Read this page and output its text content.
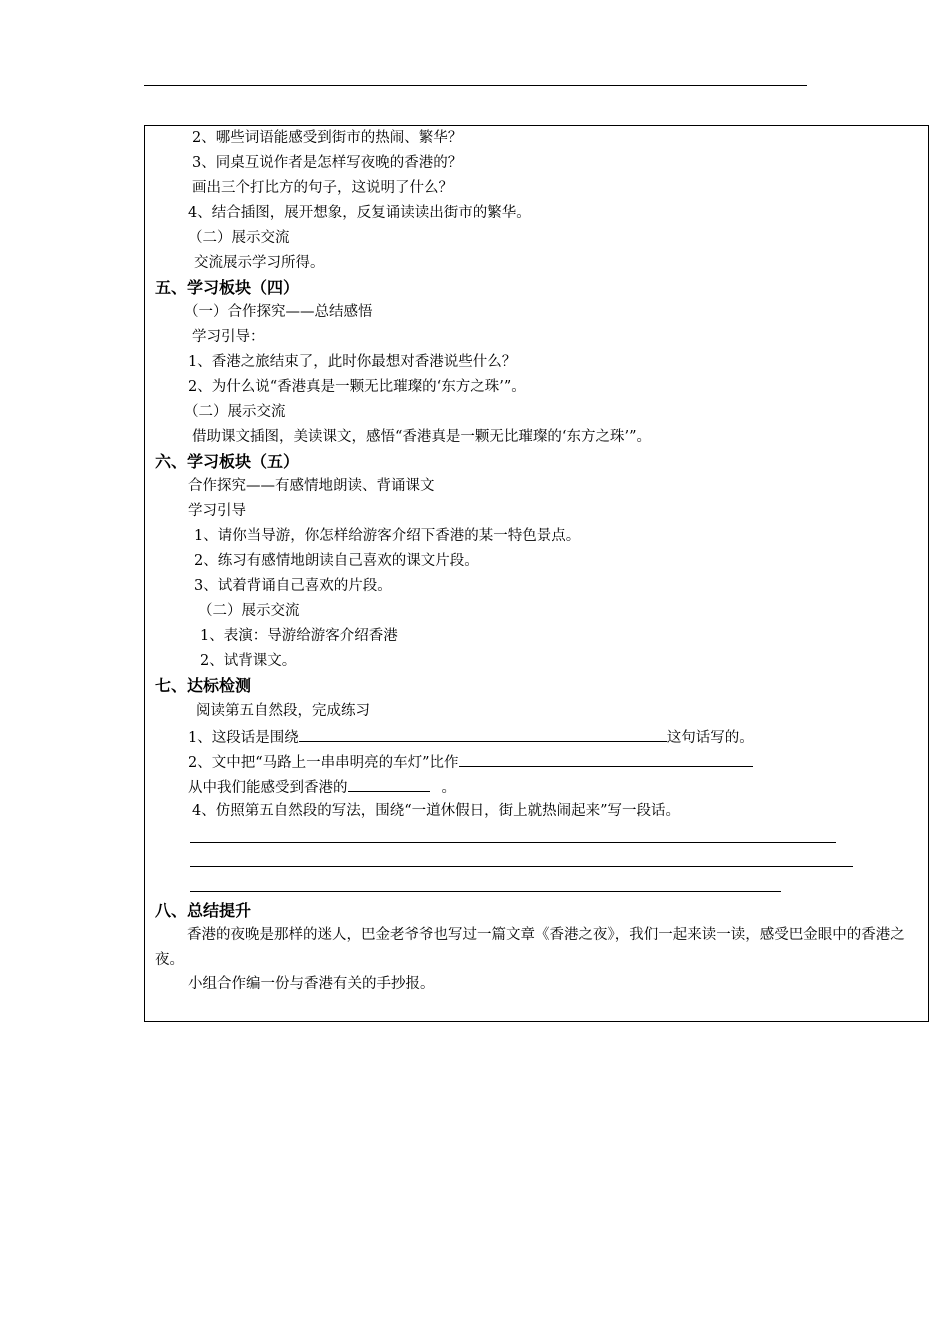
2、哪些词语能感受到街市的热闹、繁华？
3、同桌互说作者是怎样写夜晚的香港的？
画出三个打比方的句子，这说明了什么？
4、结合插图，展开想象，反复诵读读出街市的繁华。
（二）展示交流
交流展示学习所得。
五、学习板块（四）
（一）合作探究——总结感悟
学习引导：
1、香港之旅结束了，此时你最想对香港说些什么？
2、为什么说“香港真是一颗无比璀璨的‘东方之珠’”。
（二）展示交流
借助课文插图，美读课文，感悟“香港真是一颗无比璀璨的‘东方之珠’”。
六、学习板块（五）
合作探究——有感情地朗读、背诵课文
学习引导
1、请你当导游，你怎样给游客介绍下香港的某一特色景点。
2、练习有感情地朗读自己喜欢的课文片段。
3、试着背诵自己喜欢的片段。
（二）展示交流
1、表演：导游给游客介绍香港
2、试背课文。
七、达标检测
阅读第五自然段，完成练习
1、这段话是围绕	这句话写的。
2、文中把“马路上一串串明亮的车灯”比作
从中我们能感受到香港的	。
4、仿照第五自然段的写法，围绕“一道休假日，街上就热闹起来”写一段话。
八、总结提升
香港的夜晚是那样的迷人，巴金老爷爷也写过一篇文章《香港之夜》，我们一起来读一读，感受巴金眼中的香港之夜。
小组合作编一份与香港有关的手抄报。
